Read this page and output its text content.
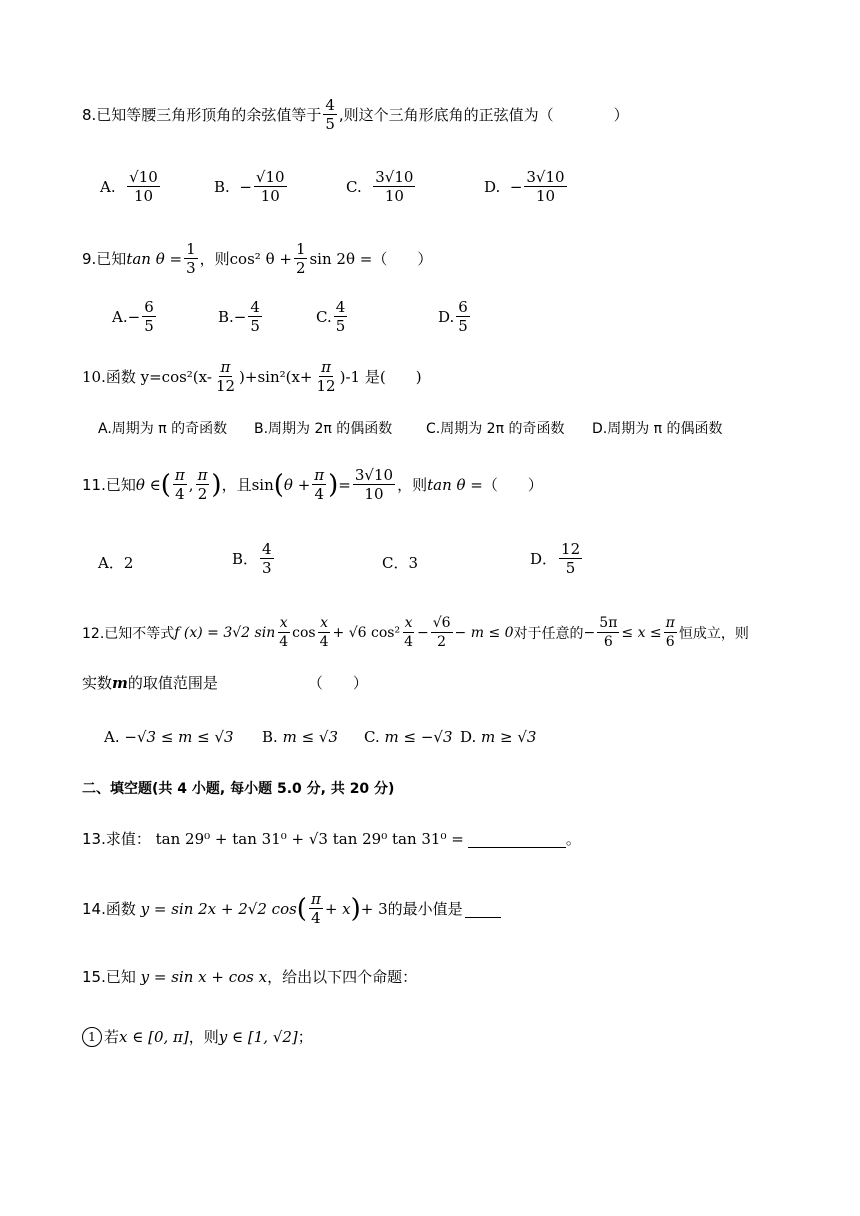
8.已知等腰三角形顶角的余弦值等于 $\frac{4}{5}$ ,则这个三角形底角的正弦值为（　　　　）
A.
$\frac{√10}{10}$	B.
− $\frac{√10}{10}$	C.
$\frac{3√10}{10}$	D.
− $\frac{3√10}{10}$
9.已知 $\tan \theta = \frac{1}{3}$ ，则 cos² $\theta + \frac{1}{2}$ sin 2θ = （　　）
A. − $\frac{6}{5}$	B. − $\frac{4}{5}$	C. $\frac{4}{5}$	D. $\frac{6}{5}$
10.函数 $y=\cos^2(x- \frac{\pi}{12} )+\sin^2(x+ \frac{\pi}{12} )-1$ 是(　　)
A.周期为 π 的奇函数 B.周期为 2π 的偶函数 C.周期为 2π 的奇函数 D.周期为 π 的偶函数
11.已知 θ ∈ ( $\frac{\pi}{4}$ , $\frac{\pi}{2}$ ) ，且 sin ( $\theta + \frac{\pi}{4}$ ) = $\frac{3√10}{10}$ ，则 tan θ = （　　）
A． 2	B． $\frac{4}{3}$	C． 3	D． $\frac{12}{5}$
12.已知不等式 f (x) = 3√2 $\sin \frac{x}{4}$ $\cos \frac{x}{4} + √6$ $\cos^2 \frac{x}{4} - \frac{√6}{2} - m \le 0$ 对于任意的 − $\frac{5\pi}{6} \le x \le \frac{\pi}{6}$ 恒成立，则
实数 m 的取值范围是	（　　）
A.
−√3 ≤ m ≤ √3 B.
m ≤ √3 C.
m ≤ −√3 D.
m ≥ √3
二、填空题(共 4 小题, 每小题 5.0 分, 共 20 分)
13.求值：
tan 29⁰ + tan 31⁰ + √3 tan 29⁰ tan 31⁰ =	。
14.函数
y = sin 2x + 2√2 cos ( $\frac{\pi}{4} + x$ ) + 3 的最小值是
15.已知
y = sin x + cos x ，给出以下四个命题：
1 若 x ∈ [0, π] ，则 y ∈ [1, √2] ；
